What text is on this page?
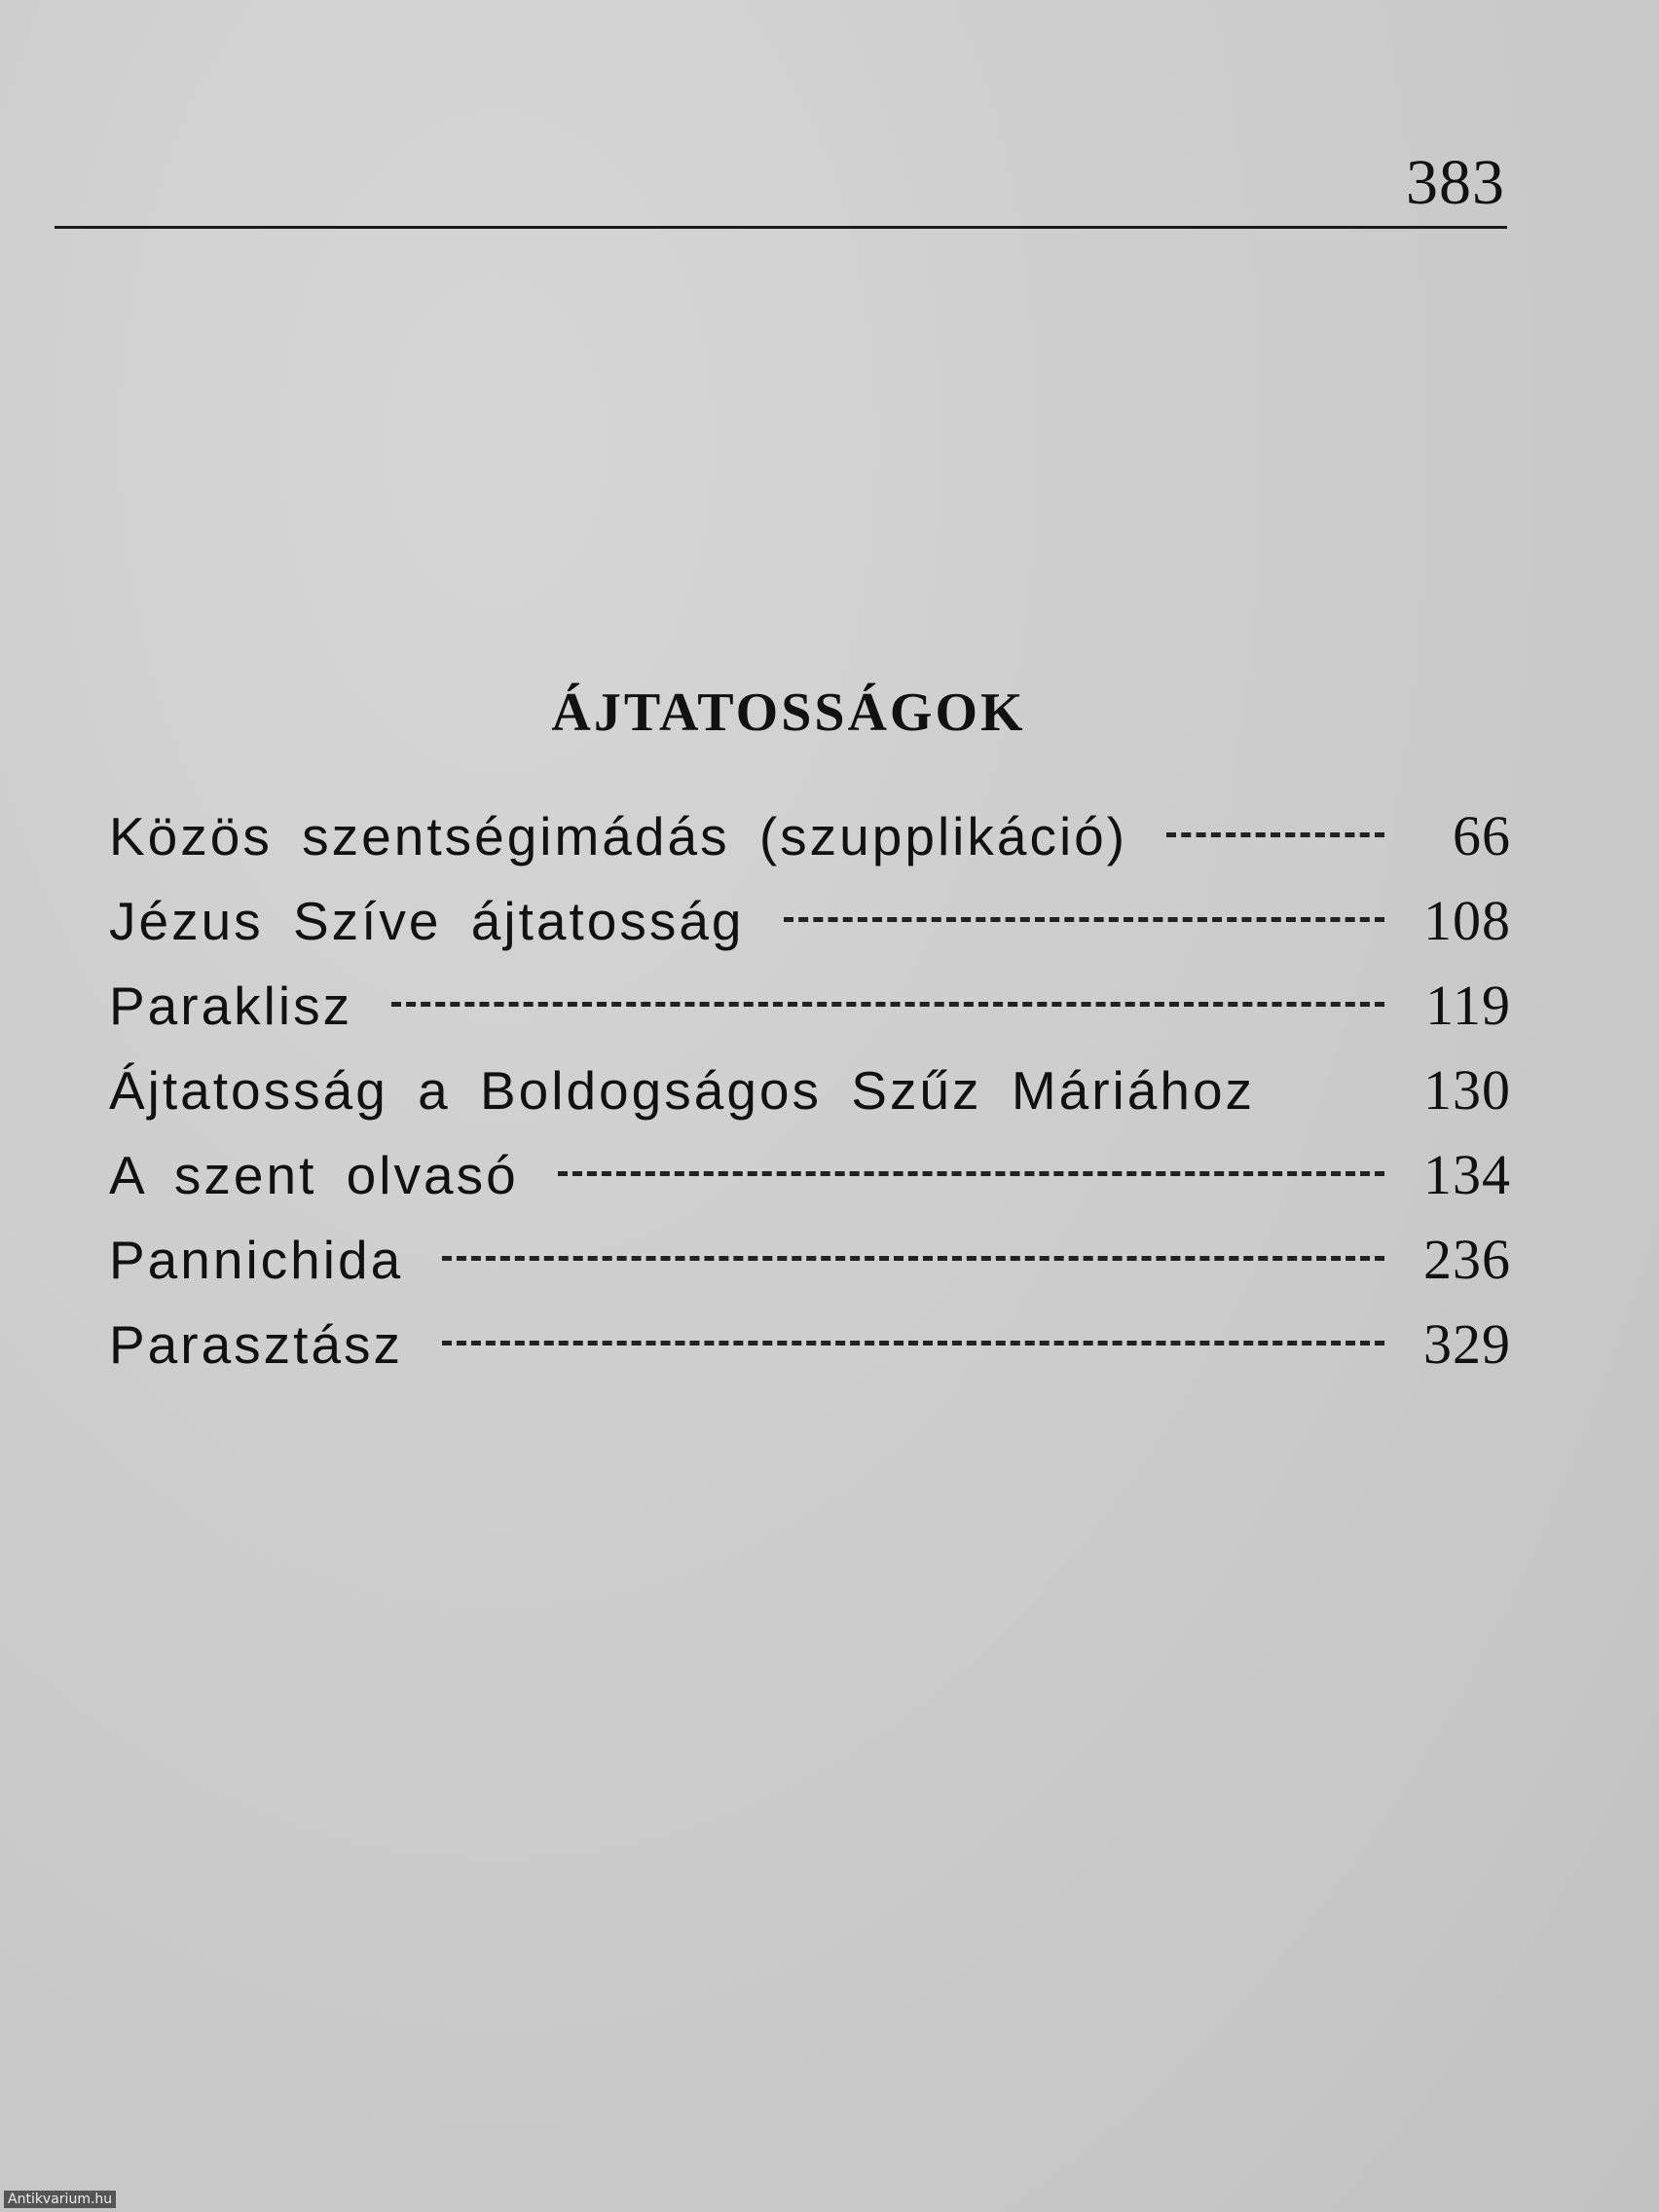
383
ÁJTATOSSÁGOK
Közös szentségimádás (szupplikáció)	66
Jézus Szíve ájtatosság	108
Paraklisz	119
Ájtatosság a Boldogságos Szűz Máriához	130
A szent olvasó	134
Pannichida	236
Parasztász	329
Antikvarium.hu
